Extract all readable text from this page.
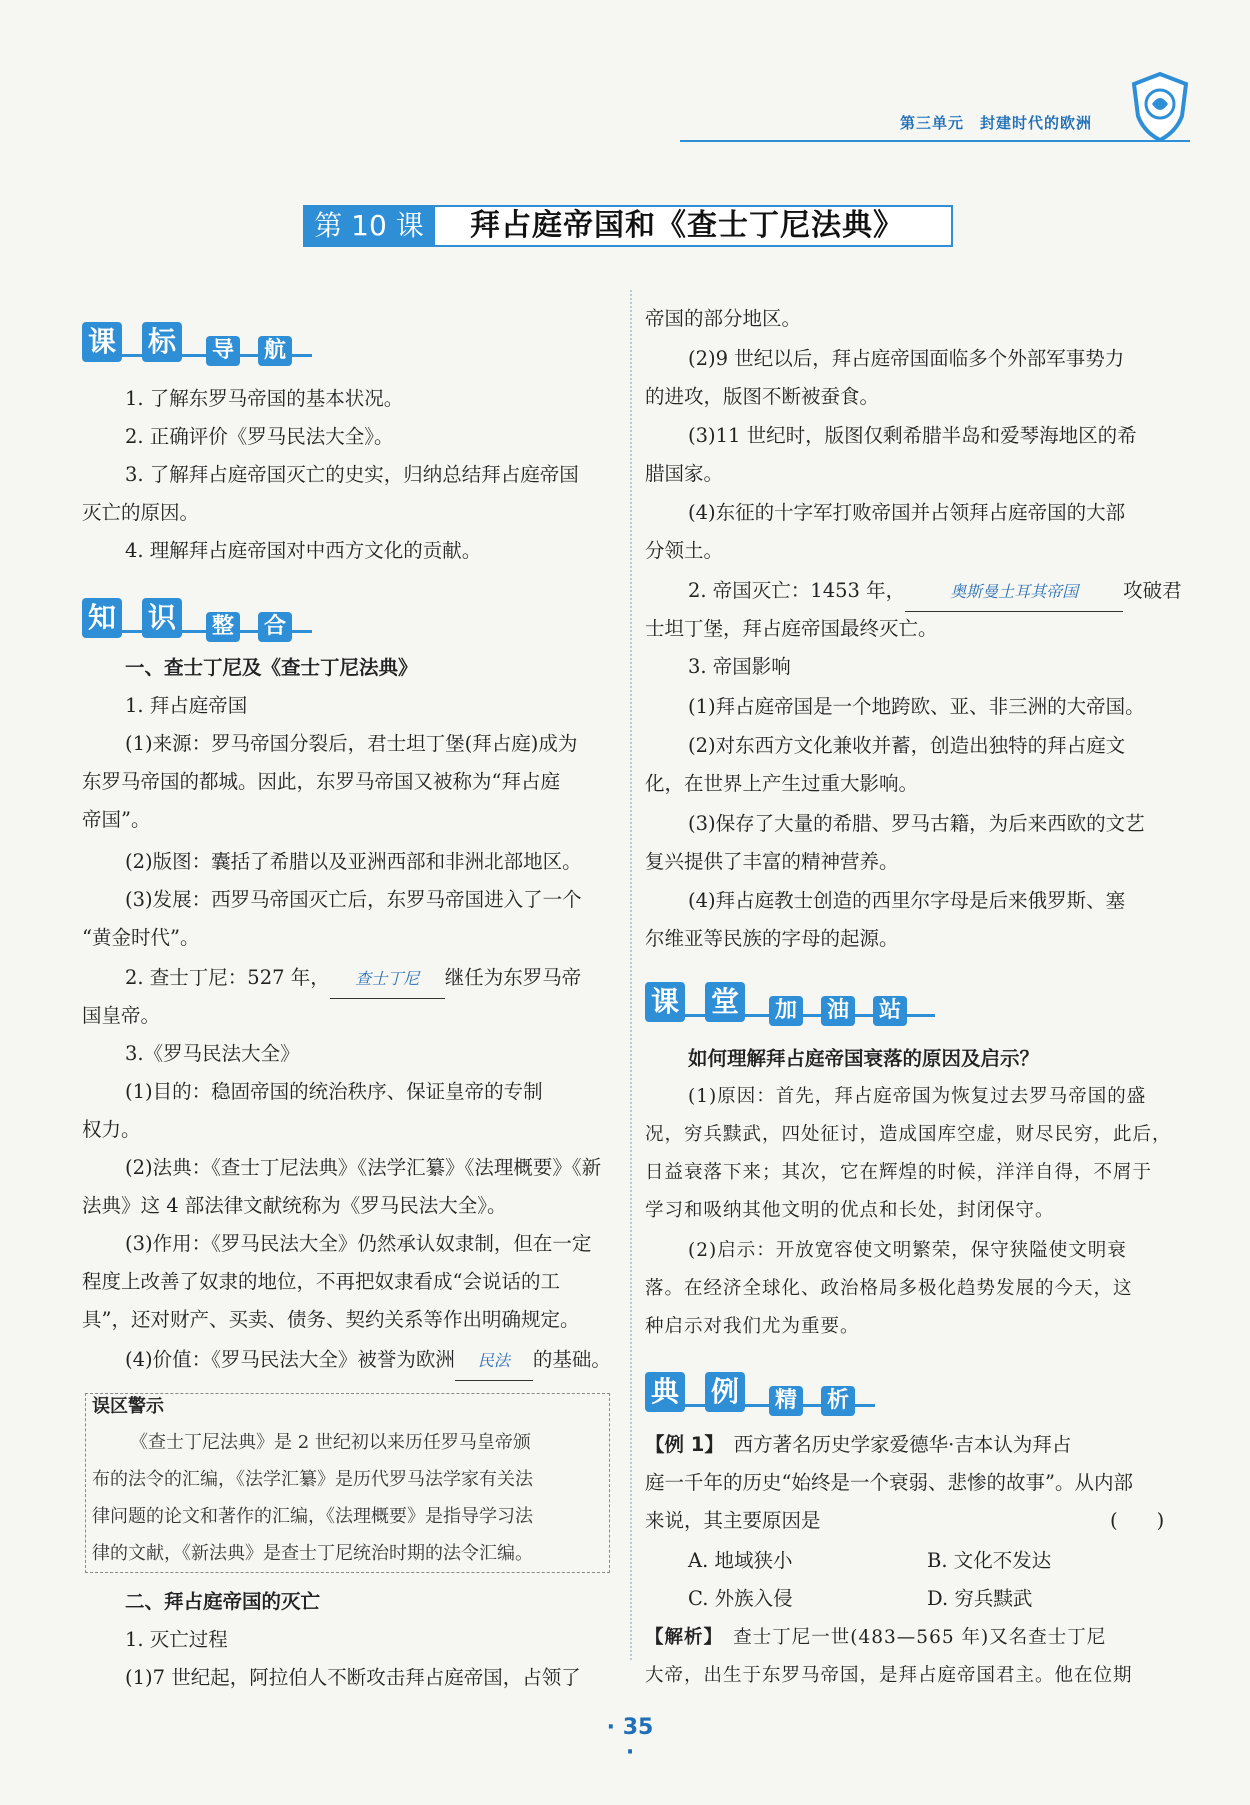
第三单元　封建时代的欧洲
第 10 课	拜占庭帝国和《查士丁尼法典》
课 标 导 航
1. 了解东罗马帝国的基本状况。
2. 正确评价《罗马民法大全》。
3. 了解拜占庭帝国灭亡的史实，归纳总结拜占庭帝国
灭亡的原因。
4. 理解拜占庭帝国对中西方文化的贡献。
知 识 整 合
一、查士丁尼及《查士丁尼法典》
1. 拜占庭帝国
(1)来源：罗马帝国分裂后，君士坦丁堡(拜占庭)成为
东罗马帝国的都城。因此，东罗马帝国又被称为“拜占庭
帝国”。
(2)版图：囊括了希腊以及亚洲西部和非洲北部地区。
(3)发展：西罗马帝国灭亡后，东罗马帝国进入了一个
“黄金时代”。
2. 查士丁尼：527 年， 查士丁尼 继任为东罗马帝
国皇帝。
3.《罗马民法大全》
(1)目的：稳固帝国的统治秩序、保证皇帝的专制
权力。
(2)法典：《查士丁尼法典》《法学汇纂》《法理概要》《新
法典》这 4 部法律文献统称为《罗马民法大全》。
(3)作用：《罗马民法大全》仍然承认奴隶制，但在一定
程度上改善了奴隶的地位，不再把奴隶看成“会说话的工
具”，还对财产、买卖、债务、契约关系等作出明确规定。
(4)价值：《罗马民法大全》被誉为欧洲 民法 的基础。
误区警示
《查士丁尼法典》是 2 世纪初以来历任罗马皇帝颁
布的法令的汇编，《法学汇纂》是历代罗马法学家有关法
律问题的论文和著作的汇编，《法理概要》是指导学习法
律的文献，《新法典》是查士丁尼统治时期的法令汇编。
二、拜占庭帝国的灭亡
1. 灭亡过程
(1)7 世纪起，阿拉伯人不断攻击拜占庭帝国，占领了
帝国的部分地区。
(2)9 世纪以后，拜占庭帝国面临多个外部军事势力
的进攻，版图不断被蚕食。
(3)11 世纪时，版图仅剩希腊半岛和爱琴海地区的希
腊国家。
(4)东征的十字军打败帝国并占领拜占庭帝国的大部
分领土。
2. 帝国灭亡：1453 年，	奥斯曼土耳其帝国 攻破君
士坦丁堡，拜占庭帝国最终灭亡。
3. 帝国影响
(1)拜占庭帝国是一个地跨欧、亚、非三洲的大帝国。
(2)对东西方文化兼收并蓄，创造出独特的拜占庭文
化，在世界上产生过重大影响。
(3)保存了大量的希腊、罗马古籍，为后来西欧的文艺
复兴提供了丰富的精神营养。
(4)拜占庭教士创造的西里尔字母是后来俄罗斯、塞
尔维亚等民族的字母的起源。
课 堂 加 油 站
如何理解拜占庭帝国衰落的原因及启示？
(1)原因：首先，拜占庭帝国为恢复过去罗马帝国的盛
况，穷兵黩武，四处征讨，造成国库空虚，财尽民穷，此后，
日益衰落下来；其次，它在辉煌的时候，洋洋自得，不屑于
学习和吸纳其他文明的优点和长处，封闭保守。
(2)启示：开放宽容使文明繁荣，保守狭隘使文明衰
落。在经济全球化、政治格局多极化趋势发展的今天，这
种启示对我们尤为重要。
典 例 精 析
【例 1】　 西方著名历史学家爱德华·吉本认为拜占
庭一千年的历史“始终是一个衰弱、悲惨的故事”。从内部
来说，其主要原因是	(　　)
A. 地域狭小	B. 文化不发达
C. 外族入侵	D. 穷兵黩武
【解析】　 查士丁尼一世(483—565 年)又名查士丁尼
大帝，出生于东罗马帝国，是拜占庭帝国君主。他在位期
· 35 ·
